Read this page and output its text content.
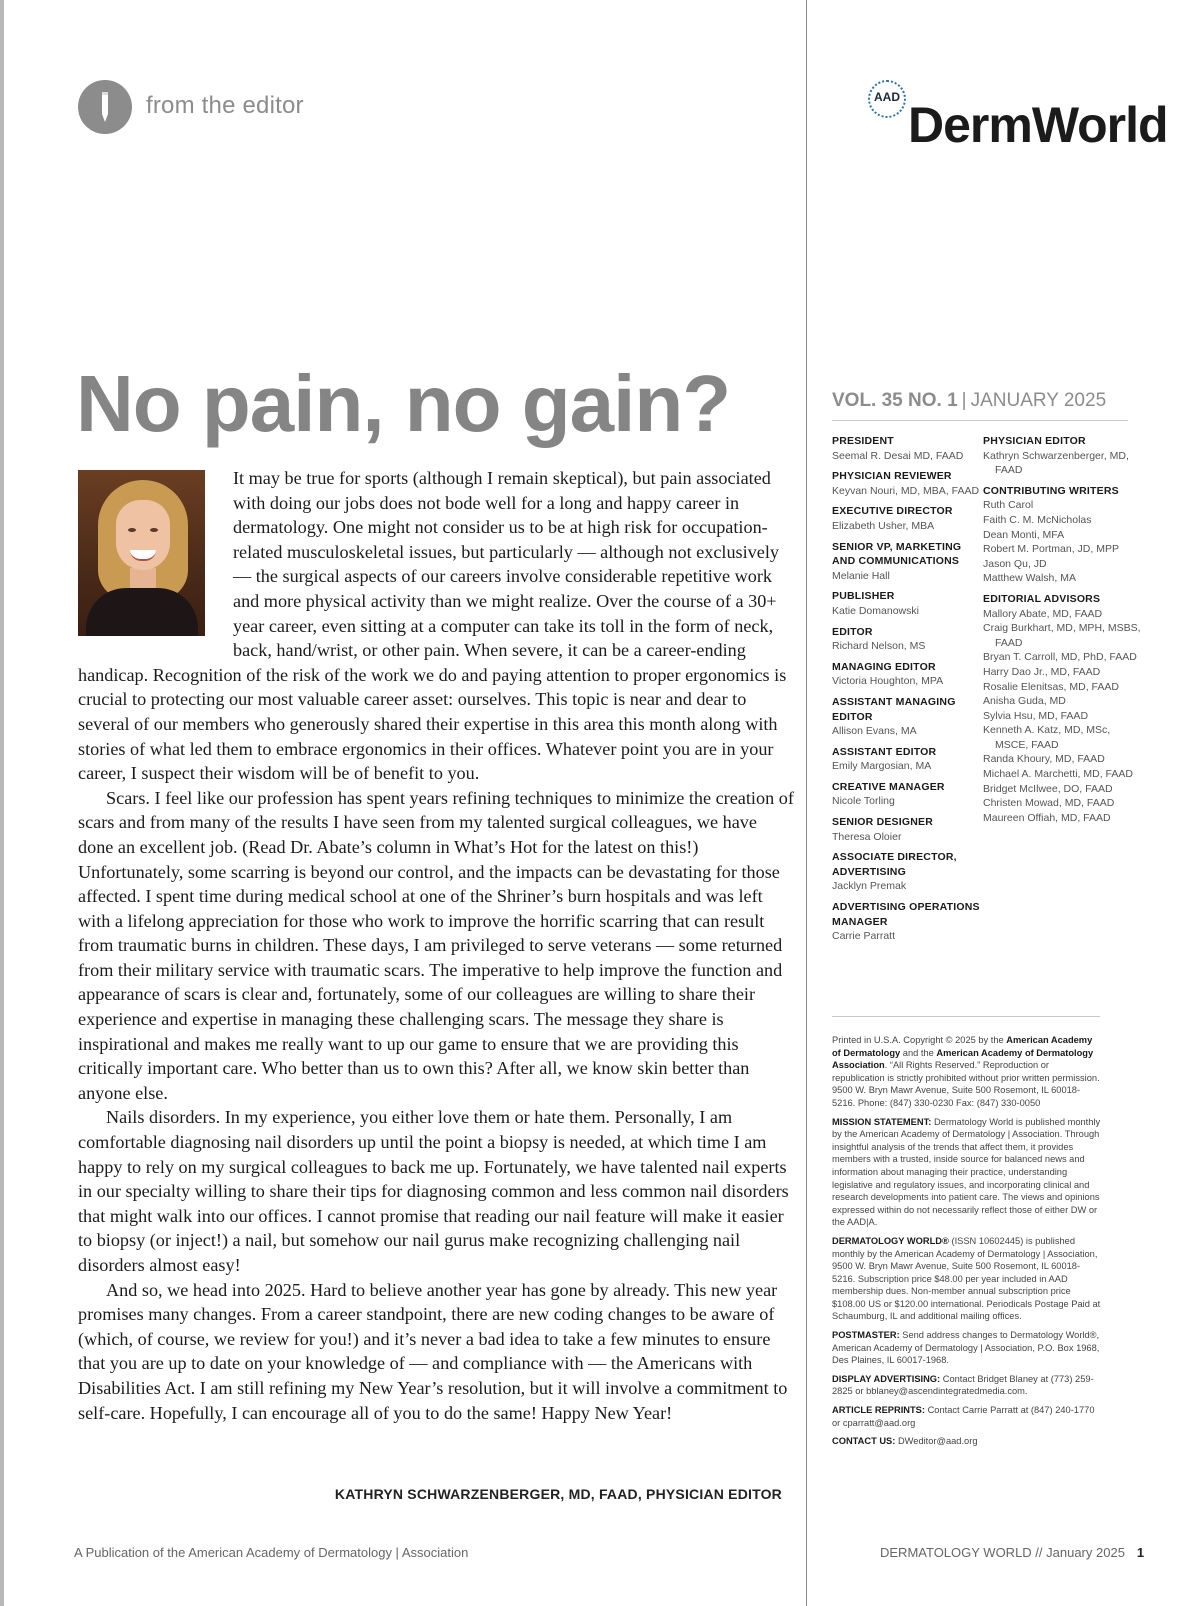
from the editor	AAD DermWorld
No pain, no gain?

It may be true for sports (although I remain skeptical), but pain associated with doing our jobs does not bode well for a long and happy career in dermatology. One might not consider us to be at high risk for occupation-related musculoskeletal issues, but particularly — although not exclusively — the surgical aspects of our careers involve considerable repetitive work and more physical activity than we might realize. Over the course of a 30+ year career, even sitting at a computer can take its toll in the form of neck, back, hand/wrist, or other pain. When severe, it can be a career-ending handicap. Recognition of the risk of the work we do and paying attention to proper ergonomics is crucial to protecting our most valuable career asset: ourselves. This topic is near and dear to several of our members who generously shared their expertise in this area this month along with stories of what led them to embrace ergonomics in their offices. Whatever point you are in your career, I suspect their wisdom will be of benefit to you.

Scars. I feel like our profession has spent years refining techniques to minimize the creation of scars and from many of the results I have seen from my talented surgical colleagues, we have done an excellent job. (Read Dr. Abate’s column in What’s Hot for the latest on this!) Unfortunately, some scarring is beyond our control, and the impacts can be devastating for those affected. I spent time during medical school at one of the Shriner’s burn hospitals and was left with a lifelong appreciation for those who work to improve the horrific scarring that can result from traumatic burns in children. These days, I am privileged to serve veterans — some returned from their military service with traumatic scars. The imperative to help improve the function and appearance of scars is clear and, fortunately, some of our colleagues are willing to share their experience and expertise in managing these challenging scars. The message they share is inspirational and makes me really want to up our game to ensure that we are providing this critically important care. Who better than us to own this? After all, we know skin better than anyone else.

Nails disorders. In my experience, you either love them or hate them. Personally, I am comfortable diagnosing nail disorders up until the point a biopsy is needed, at which time I am happy to rely on my surgical colleagues to back me up. Fortunately, we have talented nail experts in our specialty willing to share their tips for diagnosing common and less common nail disorders that might walk into our offices. I cannot promise that reading our nail feature will make it easier to biopsy (or inject!) a nail, but somehow our nail gurus make recognizing challenging nail disorders almost easy!

And so, we head into 2025. Hard to believe another year has gone by already. This new year promises many changes. From a career standpoint, there are new coding changes to be aware of (which, of course, we review for you!) and it’s never a bad idea to take a few minutes to ensure that you are up to date on your knowledge of — and compliance with — the Americans with Disabilities Act. I am still refining my New Year’s resolution, but it will involve a commitment to self-care. Hopefully, I can encourage all of you to do the same! Happy New Year!

KATHRYN SCHWARZENBERGER, MD, FAAD, PHYSICIAN EDITOR

VOL. 35 NO. 1 | JANUARY 2025
PRESIDENT
Seemal R. Desai MD, FAAD
PHYSICIAN REVIEWER
Keyvan Nouri, MD, MBA, FAAD
EXECUTIVE DIRECTOR
Elizabeth Usher, MBA
SENIOR VP, MARKETING AND COMMUNICATIONS
Melanie Hall
PUBLISHER
Katie Domanowski
EDITOR
Richard Nelson, MS
MANAGING EDITOR
Victoria Houghton, MPA
ASSISTANT MANAGING EDITOR
Allison Evans, MA
ASSISTANT EDITOR
Emily Margosian, MA
CREATIVE MANAGER
Nicole Torling
SENIOR DESIGNER
Theresa Oloier
ASSOCIATE DIRECTOR, ADVERTISING
Jacklyn Premak
ADVERTISING OPERATIONS MANAGER
Carrie Parratt
PHYSICIAN EDITOR
Kathryn Schwarzenberger, MD, FAAD
CONTRIBUTING WRITERS
Ruth Carol
Faith C. M. McNicholas
Dean Monti, MFA
Robert M. Portman, JD, MPP
Jason Qu, JD
Matthew Walsh, MA
EDITORIAL ADVISORS
Mallory Abate, MD, FAAD
Craig Burkhart, MD, MPH, MSBS, FAAD
Bryan T. Carroll, MD, PhD, FAAD
Harry Dao Jr., MD, FAAD
Rosalie Elenitsas, MD, FAAD
Anisha Guda, MD
Sylvia Hsu, MD, FAAD
Kenneth A. Katz, MD, MSc, MSCE, FAAD
Randa Khoury, MD, FAAD
Michael A. Marchetti, MD, FAAD
Bridget McIlwee, DO, FAAD
Christen Mowad, MD, FAAD
Maureen Offiah, MD, FAAD

Printed in U.S.A. Copyright © 2025 by the American Academy of Dermatology and the American Academy of Dermatology Association. “All Rights Reserved.” Reproduction or republication is strictly prohibited without prior written permission. 9500 W. Bryn Mawr Avenue, Suite 500 Rosemont, IL 60018-5216. Phone: (847) 330-0230 Fax: (847) 330-0050

MISSION STATEMENT: Dermatology World is published monthly by the American Academy of Dermatology | Association. Through insightful analysis of the trends that affect them, it provides members with a trusted, inside source for balanced news and information about managing their practice, understanding legislative and regulatory issues, and incorporating clinical and research developments into patient care. The views and opinions expressed within do not necessarily reflect those of either DW or the AAD|A.

DERMATOLOGY WORLD® (ISSN 10602445) is published monthly by the American Academy of Dermatology | Association, 9500 W. Bryn Mawr Avenue, Suite 500 Rosemont, IL 60018-5216. Subscription price $48.00 per year included in AAD membership dues. Non-member annual subscription price $108.00 US or $120.00 international. Periodicals Postage Paid at Schaumburg, IL and additional mailing offices.

POSTMASTER: Send address changes to Dermatology World®, American Academy of Dermatology | Association, P.O. Box 1968, Des Plaines, IL 60017-1968.

DISPLAY ADVERTISING: Contact Bridget Blaney at (773) 259-2825 or bblaney@ascendintegratedmedia.com.

ARTICLE REPRINTS: Contact Carrie Parratt at (847) 240-1770 or cparratt@aad.org

CONTACT US: DWeditor@aad.org

A Publication of the American Academy of Dermatology | Association	DERMATOLOGY WORLD // January 2025 1
